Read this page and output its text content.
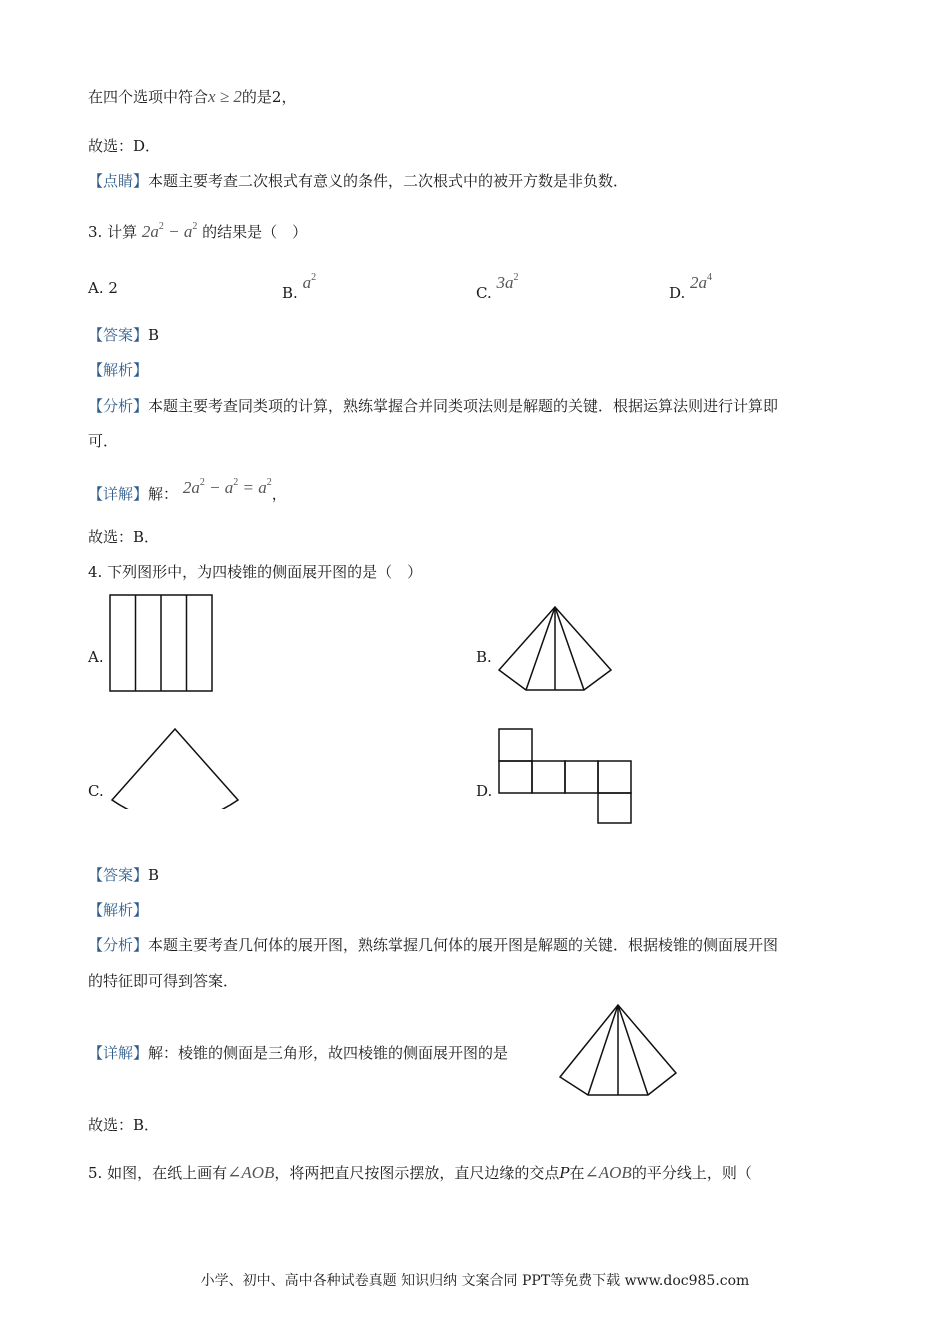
在四个选项中符合x ≥ 2的是2，
故选：D．
【点睛】本题主要考查二次根式有意义的条件，二次根式中的被开方数是非负数．
3. 计算 $2a^2 - a^2$ 的结果是（　）
A. 2	B. $a^2$
C. $3a^2$
D. $2a^4$
【答案】B
【解析】
【分析】本题主要考查同类项的计算，熟练掌握合并同类项法则是解题的关键．根据运算法则进行计算即
可．
【详解】解： $2a^2 - a^2 = a^2$，
故选：B．
4. 下列图形中，为四棱锥的侧面展开图的是（　）
A.	B.
C.	D.
【答案】B
【解析】
【分析】本题主要考查几何体的展开图，熟练掌握几何体的展开图是解题的关键．根据棱锥的侧面展开图
的特征即可得到答案．
【详解】解：棱锥的侧面是三角形，故四棱锥的侧面展开图的是
故选：B．
5. 如图，在纸上画有∠AOB，将两把直尺按图示摆放，直尺边缘的交点P在∠AOB的平分线上，则（
小学、初中、高中各种试卷真题 知识归纳 文案合同 PPT等免费下载 www.doc985.com
